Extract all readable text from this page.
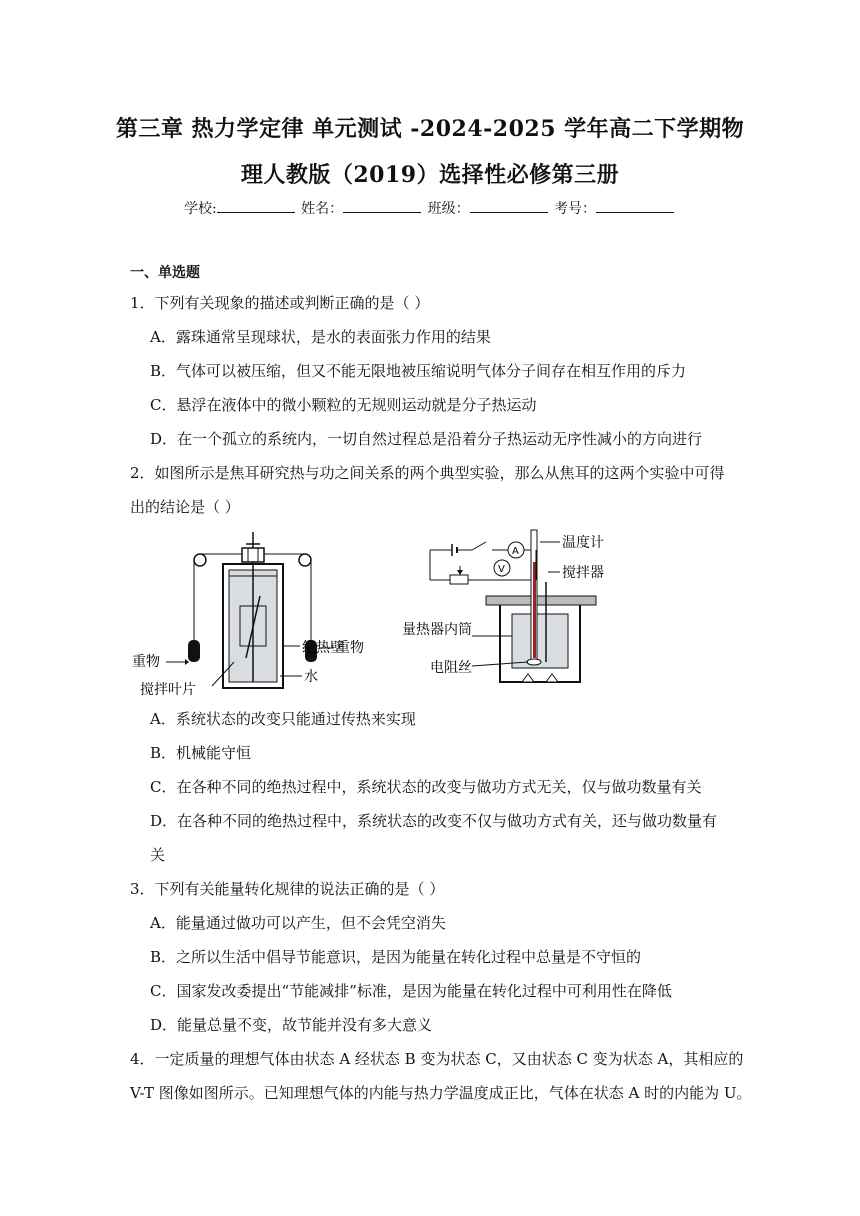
第三章 热力学定律 单元测试 -2024-2025 学年高二下学期物
理人教版（2019）选择性必修第三册
学校:	姓名：	班级：	考号：
一、单选题
1．下列有关现象的描述或判断正确的是（ ）
A．露珠通常呈现球状，是水的表面张力作用的结果
B．气体可以被压缩，但又不能无限地被压缩说明气体分子间存在相互作用的斥力
C．悬浮在液体中的微小颗粒的无规则运动就是分子热运动
D．在一个孤立的系统内，一切自然过程总是沿着分子热运动无序性减小的方向进行
2．如图所示是焦耳研究热与功之间关系的两个典型实验，那么从焦耳的这两个实验中可得
出的结论是（ ）
重物
重物
绝热壁
水
搅拌叶片
A
V
温度计
搅拌器
量热器内筒
电阻丝
A．系统状态的改变只能通过传热来实现
B．机械能守恒
C．在各种不同的绝热过程中，系统状态的改变与做功方式无关，仅与做功数量有关
D．在各种不同的绝热过程中，系统状态的改变不仅与做功方式有关，还与做功数量有
关
3．下列有关能量转化规律的说法正确的是（ ）
A．能量通过做功可以产生，但不会凭空消失
B．之所以生活中倡导节能意识，是因为能量在转化过程中总量是不守恒的
C．国家发改委提出“节能减排”标准，是因为能量在转化过程中可利用性在降低
D．能量总量不变，故节能并没有多大意义
4．一定质量的理想气体由状态 A 经状态 B 变为状态 C，又由状态 C 变为状态 A，其相应的
V-T 图像如图所示。已知理想气体的内能与热力学温度成正比，气体在状态 A 时的内能为 U。
